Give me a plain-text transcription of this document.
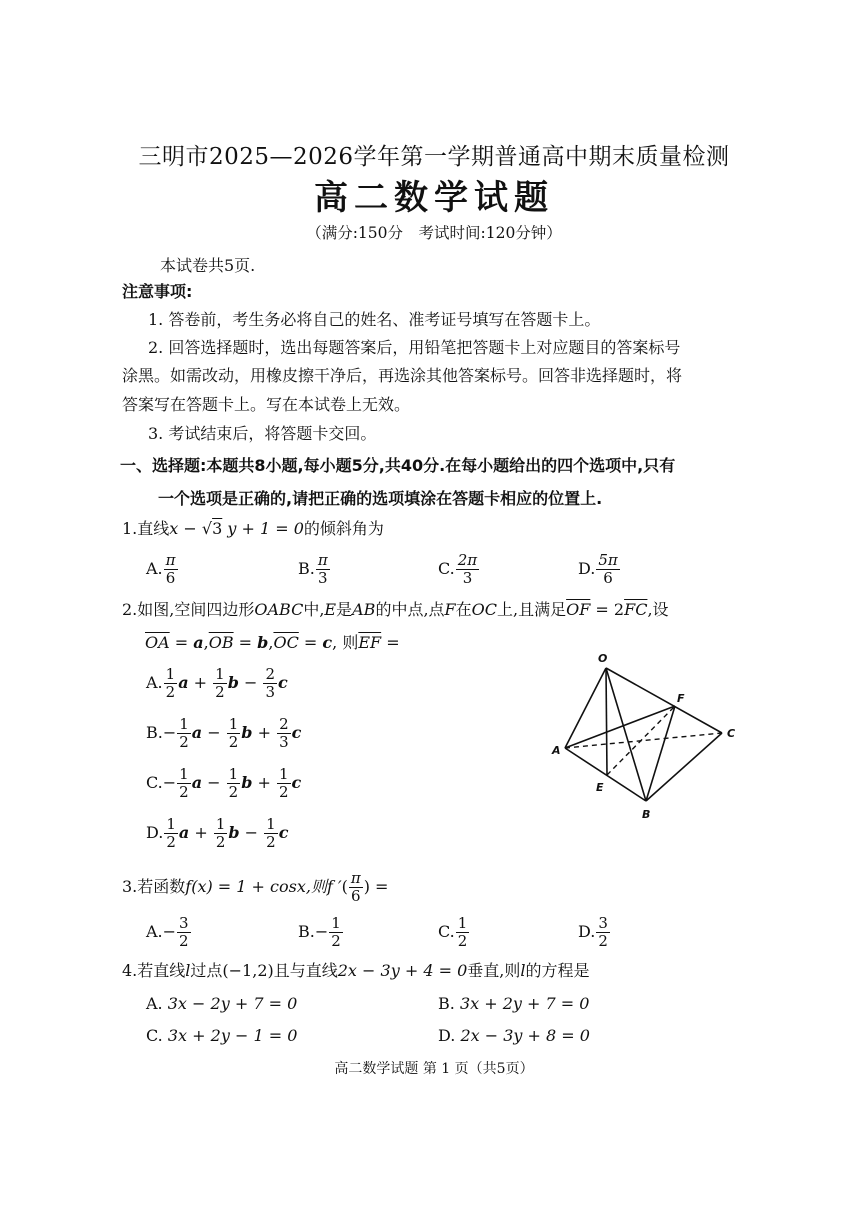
三明市2025—2026学年第一学期普通高中期末质量检测
高二数学试题
（满分:150分　考试时间:120分钟）
本试卷共5页.
注意事项:
1. 答卷前，考生务必将自己的姓名、准考证号填写在答题卡上。
2. 回答选择题时，选出每题答案后，用铅笔把答题卡上对应题目的答案标号
涂黑。如需改动，用橡皮擦干净后，再选涂其他答案标号。回答非选择题时，将
答案写在答题卡上。写在本试卷上无效。
3. 考试结束后，将答题卡交回。
一、选择题:本题共8小题,每小题5分,共40分.在每小题给出的四个选项中,只有
一个选项是正确的,请把正确的选项填涂在答题卡相应的位置上.
1.直线x − √3 y + 1 = 0的倾斜角为
A. $\frac{\pi}{6}$	B. $\frac{\pi}{3}$	C. $\frac{2\pi}{3}$	D. $\frac{5\pi}{6}$
2.如图,空间四边形OABC中,E是AB的中点,点F在OC上,且满足$\overline{OF} = 2\overline{FC}$,设
$\overline{OA} = a,\overline{OB} = b,\overline{OC} = c$, 则$\overline{EF}$ =
A. $\frac{1}{2}$ $a + \frac{1}{2}$ $b - \frac{2}{3}$ c
$B.- \frac{1}{2}$ $a - \frac{1}{2}$ $b + \frac{2}{3}$ c
$C.- \frac{1}{2}$ $a - \frac{1}{2}$ $b + \frac{1}{2}$ c
D. $\frac{1}{2}$ $a + \frac{1}{2}$ $b - \frac{1}{2}$ c
O
A
B
C
E
F
3.若函数f(x) = 1 + cosx,则f ′( $\frac{\pi}{6}$ ) =
$A.- \frac{3}{2}$	$B.- \frac{1}{2}$	C. $\frac{1}{2}$	D. $\frac{3}{2}$
4.若直线l过点(−1,2)且与直线2x − 3y + 4 = 0垂直,则l的方程是
A. 3x − 2y + 7 = 0	B. 3x + 2y + 7 = 0
C. 3x + 2y − 1 = 0	D. 2x − 3y + 8 = 0
高二数学试题 第 1 页（共5页）
